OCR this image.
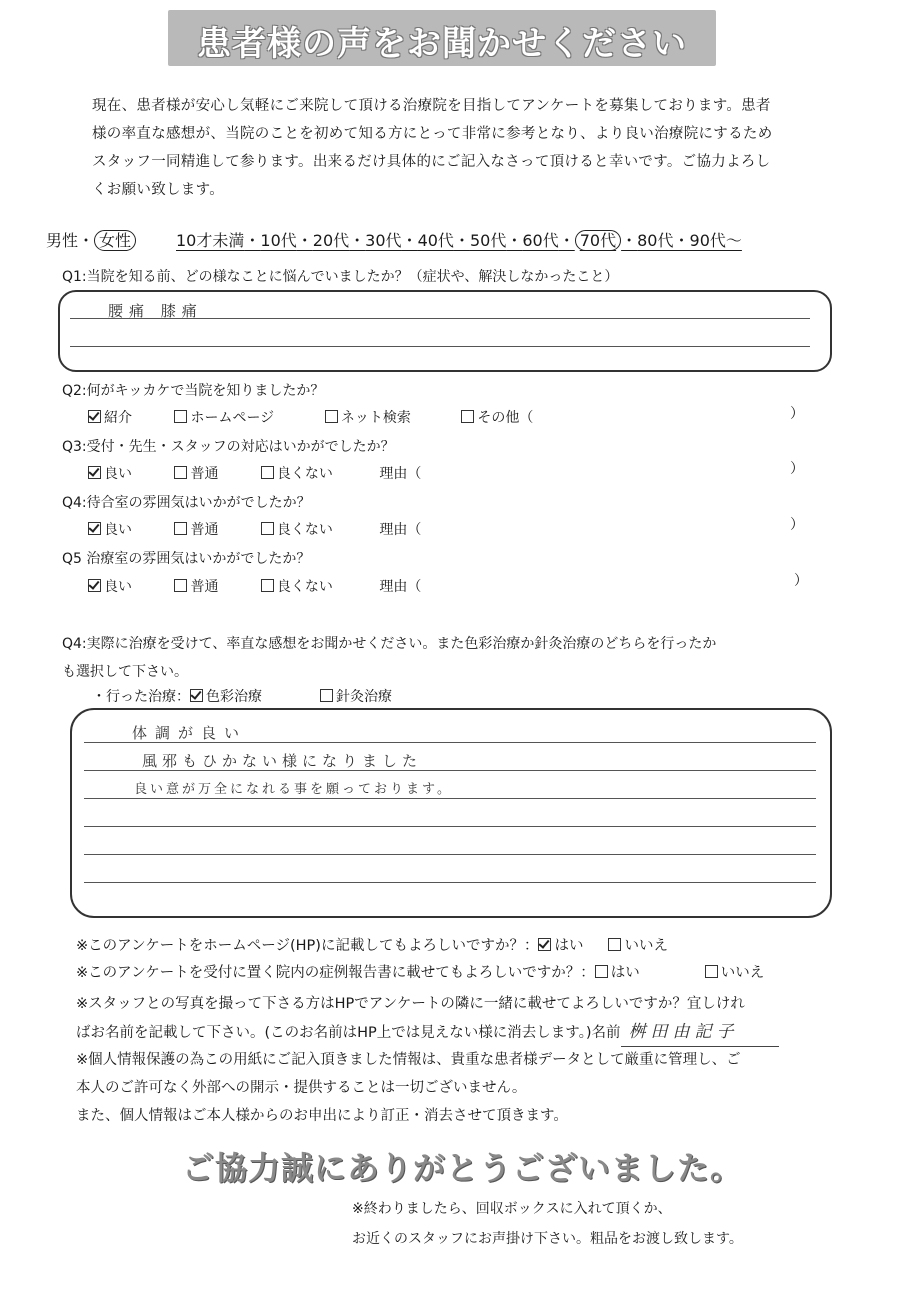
患者様の声をお聞かせください
現在、患者様が安心し気軽にご来院して頂ける治療院を目指してアンケートを募集しております。患者
様の率直な感想が、当院のことを初めて知る方にとって非常に参考となり、より良い治療院にするため
スタッフ一同精進して参ります。出来るだけ具体的にご記入なさって頂けると幸いです。ご協力よろし
くお願い致します。
男性・ 女性	10才未満・10代・20代・30代・40代・50代・60代・ 70代 ・80代・90代〜
Q1:当院を知る前、どの様なことに悩んでいましたか？（症状や、解決しなかったこと）
腰痛 膝痛
Q2:何がキッカケで当院を知りましたか？
紹介	ホームページ	ネット検索	その他（	）
Q3:受付・先生・スタッフの対応はいかがでしたか？
良い	普通	良くない	理由（	）
Q4:待合室の雰囲気はいかがでしたか？
良い	普通	良くない	理由（	）
Q5 治療室の雰囲気はいかがでしたか？
良い	普通	良くない	理由（	）
Q4:実際に治療を受けて、率直な感想をお聞かせください。また色彩治療か針灸治療のどちらを行ったか
も選択して下さい。
・行った治療： 色彩治療	針灸治療
体調が良い
風邪もひかない様になりました
良い意が万全になれる事を願っております。
※このアンケートをホームページ(HP)に記載してもよろしいですか？： はい	いいえ
※このアンケートを受付に置く院内の症例報告書に載せてもよろしいですか？： はい	いいえ
※スタッフとの写真を撮って下さる方はHPでアンケートの隣に一緒に載せてよろしいですか？宜しけれ
ばお名前を記載して下さい。(このお名前はHP上では見えない様に消去します。)名前 桝田由記子
※個人情報保護の為この用紙にご記入頂きました情報は、貴重な患者様データとして厳重に管理し、ご
本人のご許可なく外部への開示・提供することは一切ございません。
また、個人情報はご本人様からのお申出により訂正・消去させて頂きます。
ご協力誠にありがとうございました。
※終わりましたら、回収ボックスに入れて頂くか、
お近くのスタッフにお声掛け下さい。粗品をお渡し致します。
